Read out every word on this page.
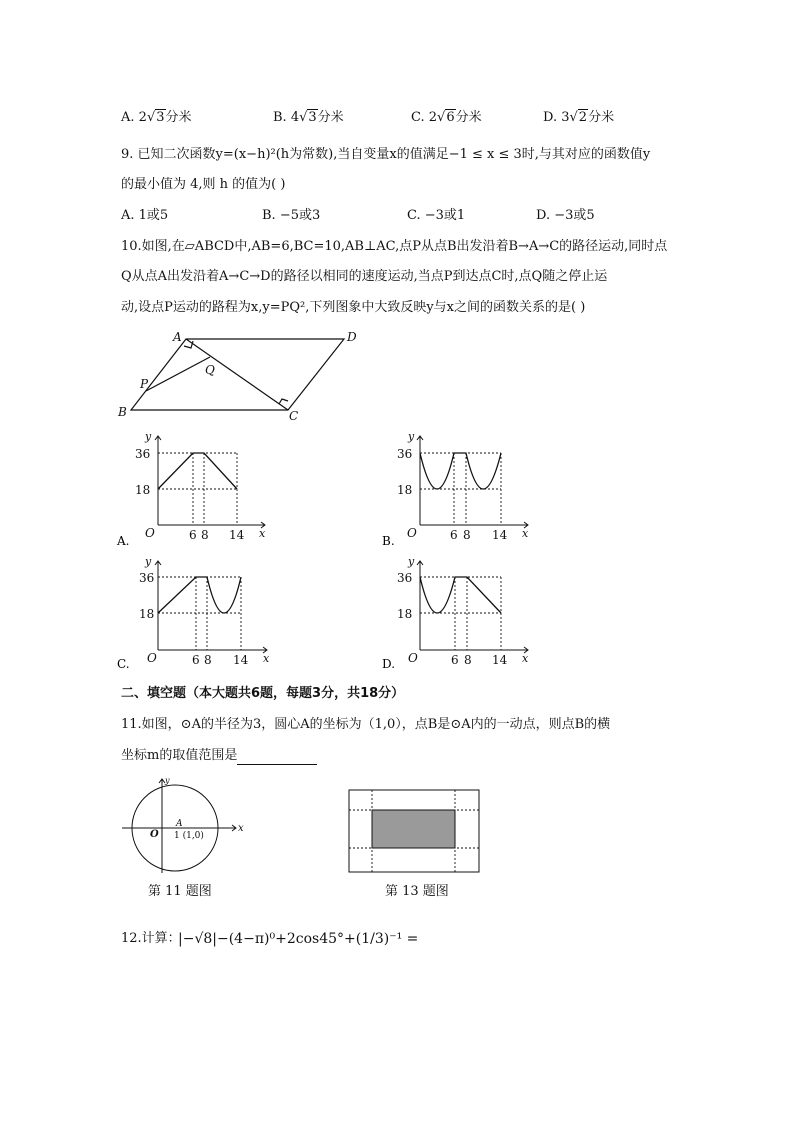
A. 2√3分米	B. 4√3分米	C. 2√6分米	D. 3√2分米
9. 已知二次函数y=(x−h)²(h为常数),当自变量x的值满足−1 ≤ x ≤ 3时,与其对应的函数值y
的最小值为 4,则 h 的值为( )
A. 1或5	B. −5或3	C. −3或1	D. −3或5
10.如图,在▱ABCD中,AB=6,BC=10,AB⊥AC,点P从点B出发沿着B→A→C的路径运动,同时点
Q从点A出发沿着A→C→D的路径以相同的速度运动,当点P到达点C时,点Q随之停止运
动,设点P运动的路程为x,y=PQ²,下列图象中大致反映y与x之间的函数关系的是( )
A	D
B	C
P
Q
A.
y
x
O
36
18
6 8 14	B.
y
x
O
36
18
6 8 14
C.
y
x
O
36
18
6 8 14	D.
y
x
O
36
18
6 8 14
二、填空题（本大题共6题，每题3分，共18分）
11.如图，⊙A的半径为3，圆心A的坐标为（1,0），点B是⊙A内的一动点，则点B的横
坐标m的取值范围是
y
x
O
A
1 (1,0)
第 11 题图	第 13 题图
12.计算：
|−√8|−(4−π)⁰+2cos45°+(1/3)⁻¹ =
